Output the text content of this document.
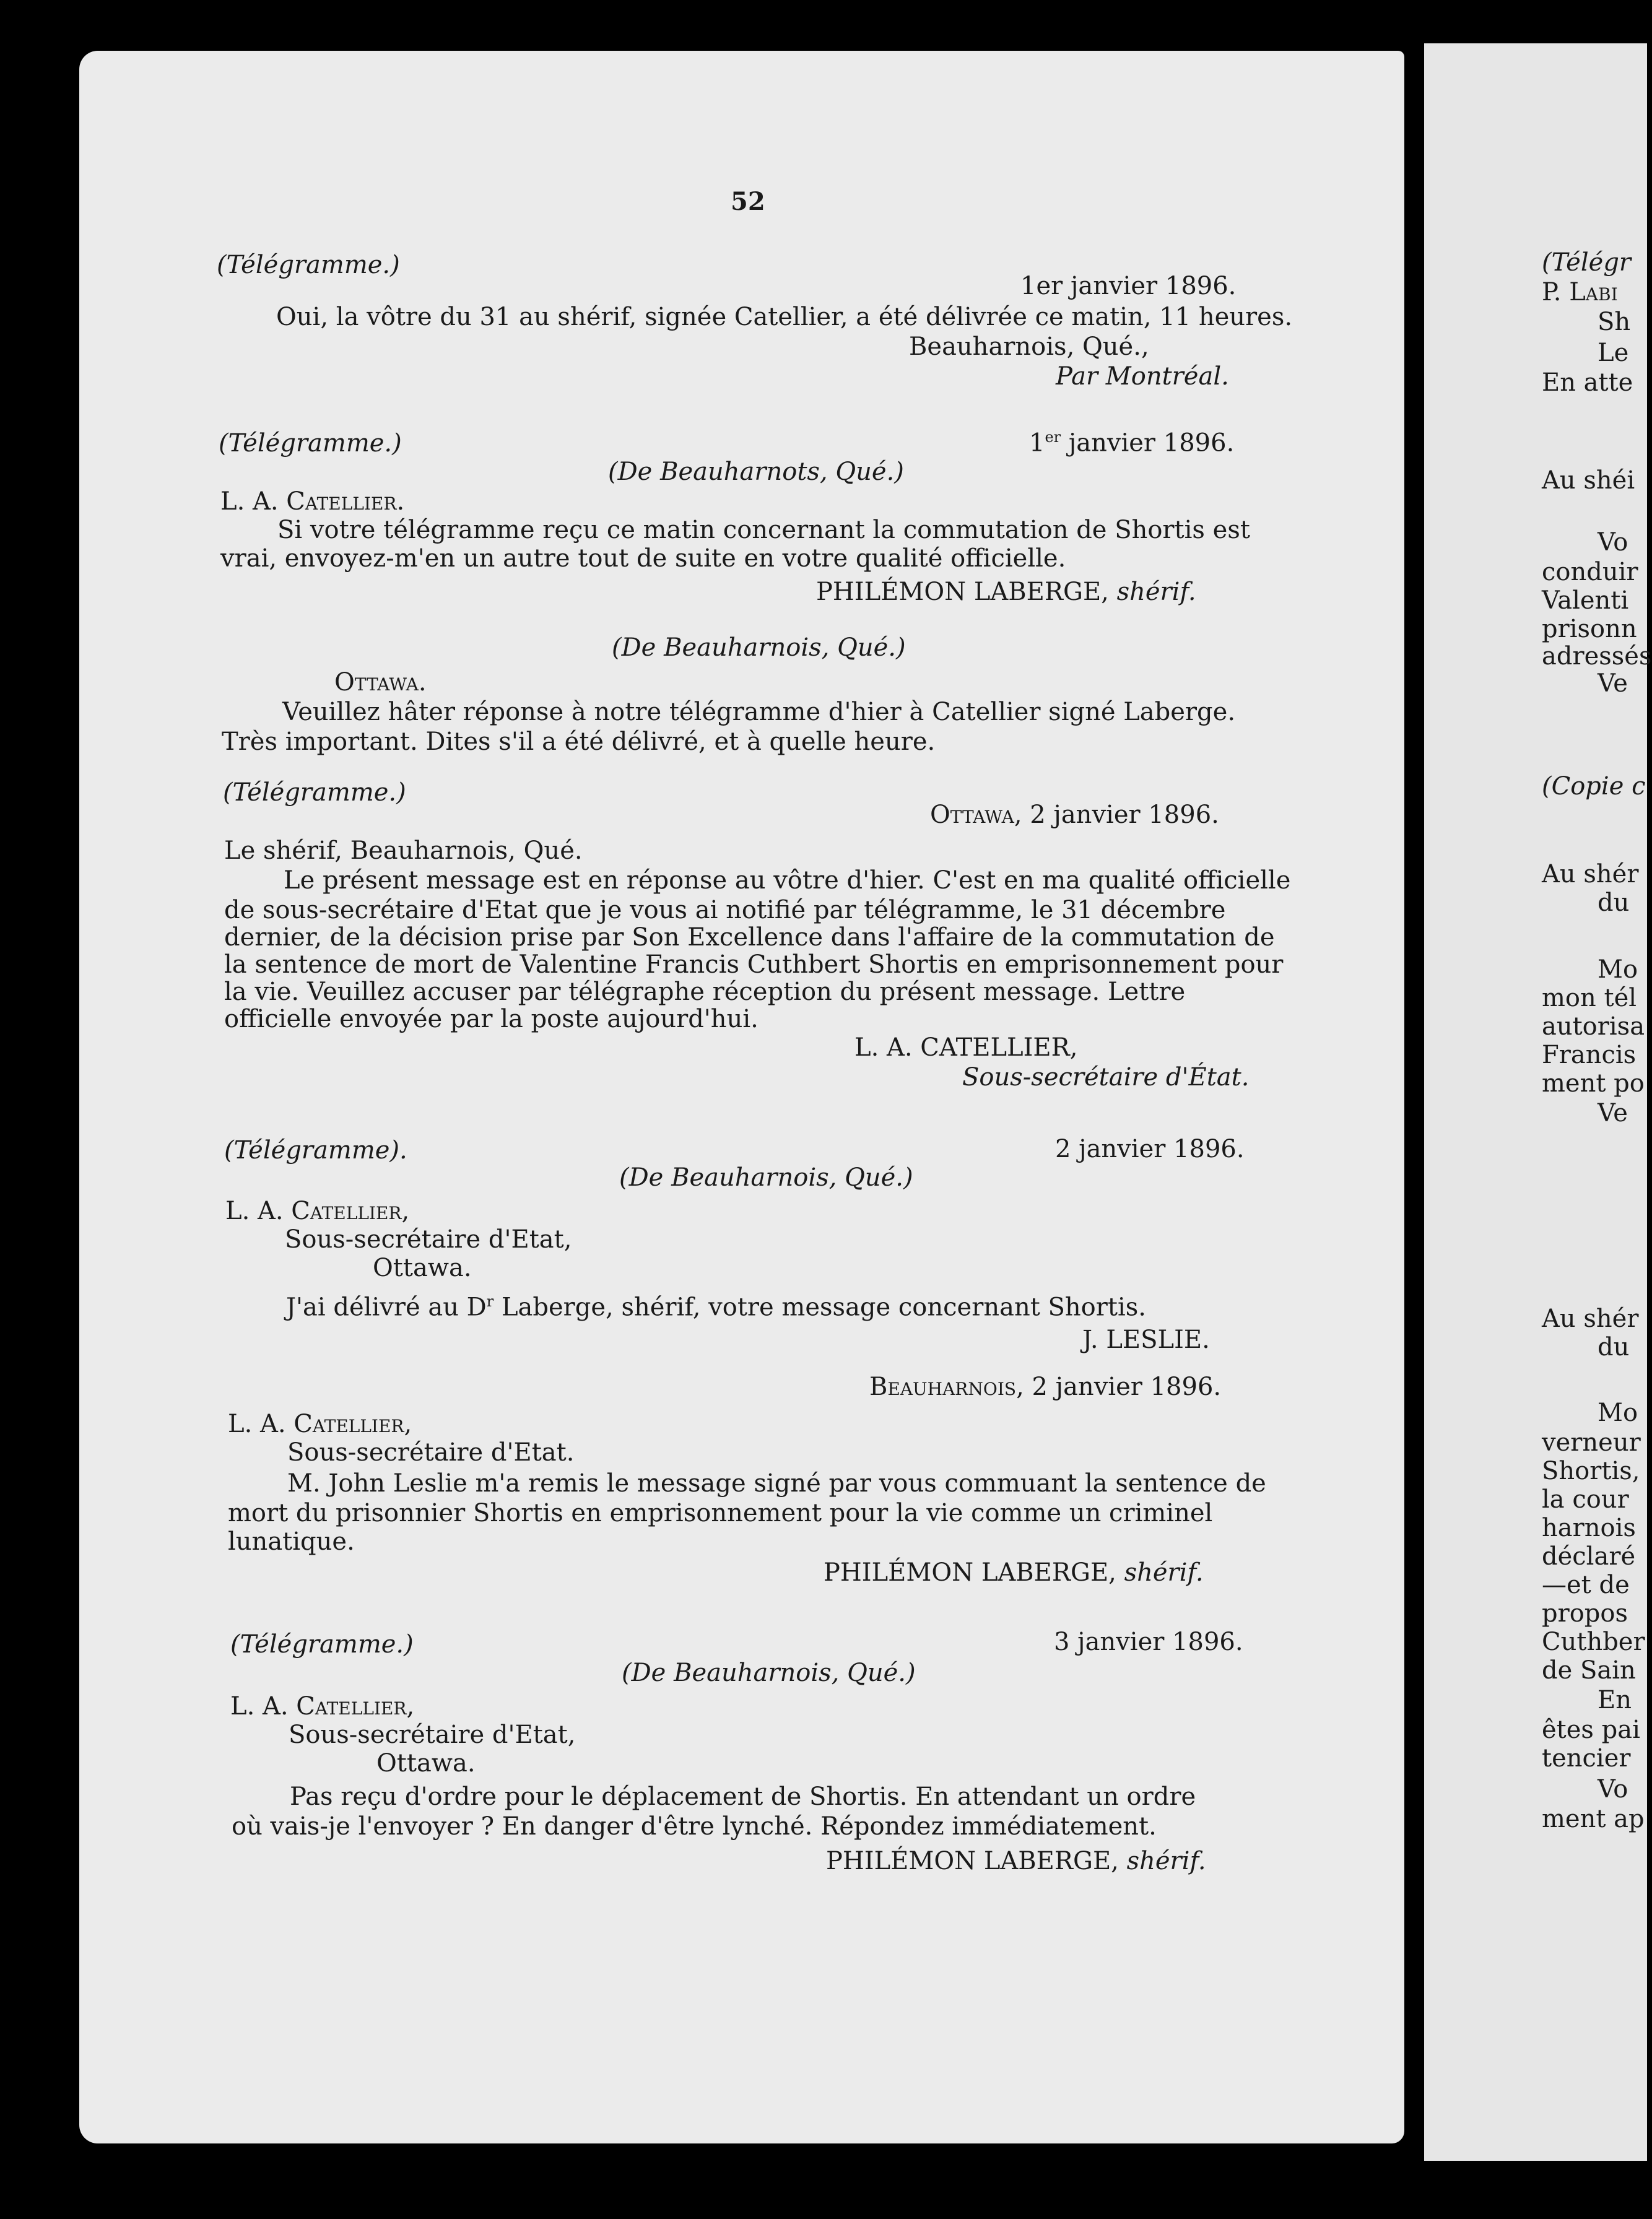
52
(Télégramme.)
1er janvier 1896.
Oui, la vôtre du 31 au shérif, signée Catellier, a été délivrée ce matin, 11 heures.
Beauharnois, Qué.,
Par Montréal.
(Télégramme.)	1er janvier 1896.
(De Beauharnots, Qué.)
L. A. Catellier.
Si votre télégramme reçu ce matin concernant la commutation de Shortis est
vrai, envoyez-m'en un autre tout de suite en votre qualité officielle.
PHILÉMON LABERGE, shérif.
(De Beauharnois, Qué.)
Ottawa.
Veuillez hâter réponse à notre télégramme d'hier à Catellier signé Laberge.
Très important. Dites s'il a été délivré, et à quelle heure.
(Télégramme.)
Ottawa, 2 janvier 1896.
Le shérif, Beauharnois, Qué.
Le présent message est en réponse au vôtre d'hier. C'est en ma qualité officielle
de sous-secrétaire d'Etat que je vous ai notifié par télégramme, le 31 décembre
dernier, de la décision prise par Son Excellence dans l'affaire de la commutation de
la sentence de mort de Valentine Francis Cuthbert Shortis en emprisonnement pour
la vie. Veuillez accuser par télégraphe réception du présent message. Lettre
officielle envoyée par la poste aujourd'hui.
L. A. CATELLIER,
Sous-secrétaire d'État.
(Télégramme).	2 janvier 1896.
(De Beauharnois, Qué.)
L. A. Catellier,
Sous-secrétaire d'Etat,
Ottawa.
J'ai délivré au $D^r$ Laberge, shérif, votre message concernant Shortis.
J. LESLIE.
Beauharnois, 2 janvier 1896.
L. A. Catellier,
Sous-secrétaire d'Etat.
M. John Leslie m'a remis le message signé par vous commuant la sentence de
mort du prisonnier Shortis en emprisonnement pour la vie comme un criminel
lunatique.
PHILÉMON LABERGE, shérif.
(Télégramme.)	3 janvier 1896.
(De Beauharnois, Qué.)
L. A. Catellier,
Sous-secrétaire d'Etat,
Ottawa.
Pas reçu d'ordre pour le déplacement de Shortis. En attendant un ordre
où vais-je l'envoyer ? En danger d'être lynché. Répondez immédiatement.
PHILÉMON LABERGE, shérif.
(Télégr
P. Labi
Sh
Le
En atte
Au shéi
Vo
conduir
Valenti
prisonn
adressés
Ve
(Copie c
Au shér
du
Mo
mon tél
autorisa
Francis
ment po
Ve
Au shér
du
Mo
verneur
Shortis,
la cour
harnois
déclaré
—et de
propos
Cuthber
de Sain
En
êtes pai
tencier
Vo
ment ap
